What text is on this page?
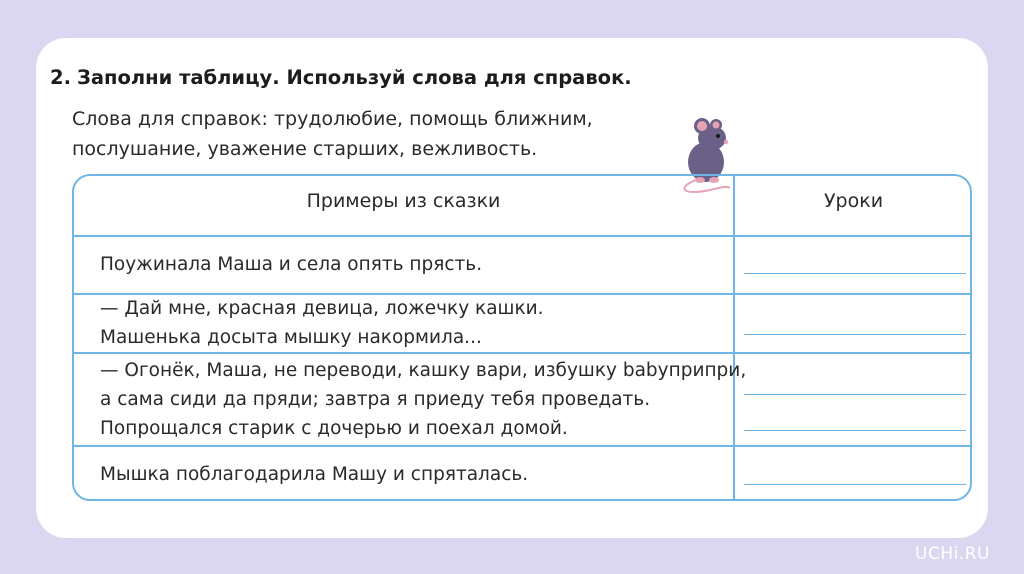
2. Заполни таблицу. Используй слова для справок.
Слова для справок: трудолюбие, помощь ближним,
послушание, уважение старших, вежливость.
Примеры из сказки	Уроки
Поужинала Маша и села опять прясть.
— Дай мне, красная девица, ложечку кашки.
Машенька досыта мышку накормила...
— Огонёк, Маша, не переводи, кашку вари, избушку babyприпри,
а сама сиди да пряди; завтра я приеду тебя проведать.
Попрощался старик с дочерью и поехал домой.
Мышка поблагодарила Машу и спряталась.
UCHi.RU
